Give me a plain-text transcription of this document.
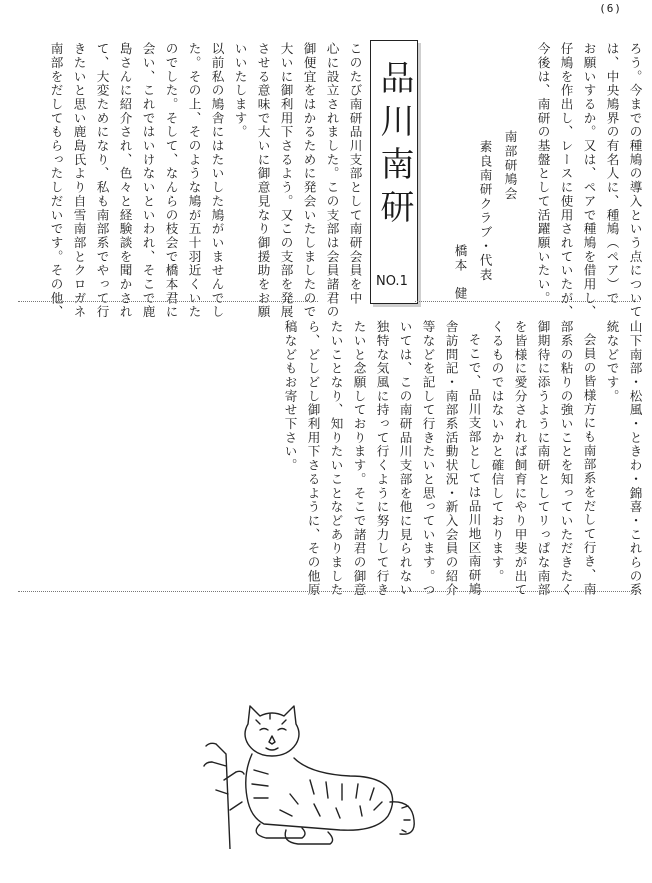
(6)
ろう。今までの種鳩の導入という点について
は、中央鳩界の有名人に、種鳩（ペア）で
お願いするか。又は、ペアで種鳩を借用し、
仔鳩を作出し、レースに使用されていたが、
今後は、南研の基盤として活躍願いたい。
南部研鳩会
素良南研クラブ・代表
橋本　健
品川南研
NO.1
このたび南研品川支部として南研会員を中
心に設立されました。この支部は会員諸君の
御便宜をはかるために発会いたしましたので
大いに御利用下さるよう。又この支部を発展
させる意味で大いに御意見なり御援助をお願
いいたします。
以前私の鳩舎にはたいした鳩がいませんでし
た。その上、そのような鳩が五十羽近くいた
のでした。そして、なんらの枝会で橋本君に
会い、これではいけないといわれ、そこで鹿
島さんに紹介され、色々と経験談を聞かされ
て、大変ためになり、私も南部系でやって行
きたいと思い鹿島氏より自雪南部とクロガネ
南部をだしてもらったしだいです。その他、
山下南部・松風・ときわ・錦喜・これらの系
統などです。
会員の皆様方にも南部系をだして行き、南
部系の粘りの強いことを知っていただきたく
御期待に添うように南研としてリっぱな南部
を皆様に愛分されれば飼育にやり甲斐が出て
くるものではないかと確信しております。
そこで、品川支部としては品川地区南研鳩
舎訪問記・南部系活動状況・新入会員の紹介
等などを記して行きたいと思っています。つ
いては、この南研品川支部を他に見られない
独特な気風に持って行くように努力して行き
たいと念願しております。そこで諸君の御意
たいことなり、知りたいことなどありました
ら、どしどし御利用下さるように、その他原
稿などもお寄せ下さい。
